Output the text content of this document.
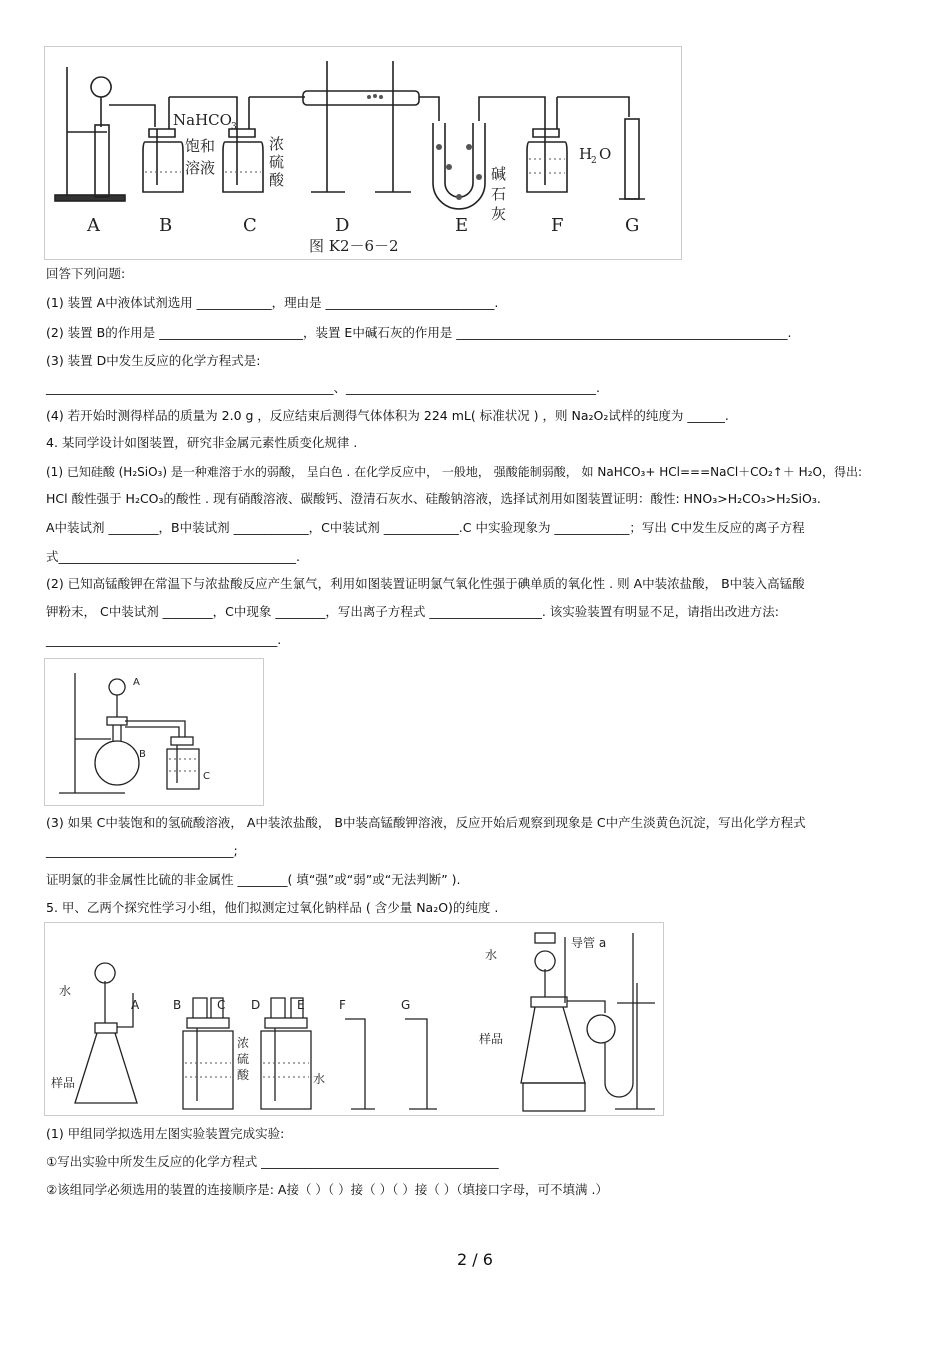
A	B	C	D	E	F	G
NaHCO 3
饱和
溶液
浓
硫
酸	碱
石
灰
H
2 O
图 K2－6－2
回答下列问题:
(1) 装置 A中液体试剂选用 ____________，理由是 ___________________________.
(2) 装置 B的作用是 _______________________，装置 E中碱石灰的作用是 _____________________________________________________.
(3) 装置 D中发生反应的化学方程式是:
______________________________________________、________________________________________.
(4) 若开始时测得样品的质量为 2.0 g ，反应结束后测得气体体积为 224 mL( 标准状况 ) ，则 Na₂O₂试样的纯度为 ______.
4. 某同学设计如图装置，研究非金属元素性质变化规律 .
(1) 已知硅酸 (H₂SiO₃) 是一种难溶于水的弱酸， 呈白色 . 在化学反应中， 一般地， 强酸能制弱酸， 如 NaHCO₃+ HCl===NaCl＋CO₂↑＋ H₂O，得出:
HCl 酸性强于 H₂CO₃的酸性 . 现有硝酸溶液、碳酸钙、澄清石灰水、硅酸钠溶液，选择试剂用如图装置证明：酸性: HNO₃>H₂CO₃>H₂SiO₃.
A中装试剂 ________，B中装试剂 ____________，C中装试剂 ____________.C 中实验现象为 ____________；写出 C中发生反应的离子方程
式______________________________________.
(2) 已知高锰酸钾在常温下与浓盐酸反应产生氯气，利用如图装置证明氯气氧化性强于碘单质的氧化性 . 则 A中装浓盐酸， B中装入高锰酸
钾粉末， C中装试剂 ________，C中现象 ________，写出离子方程式 __________________. 该实验装置有明显不足，请指出改进方法:
_____________________________________.
A
B
C
(3) 如果 C中装饱和的氢硫酸溶液， A中装浓盐酸， B中装高锰酸钾溶液，反应开始后观察到现象是 C中产生淡黄色沉淀，写出化学方程式
______________________________;
证明氯的非金属性比硫的非金属性 ________( 填“强”或“弱”或“无法判断” ).
5. 甲、乙两个探究性学习小组，他们拟测定过氧化钠样品 ( 含少量 Na₂O)的纯度 .
水
A	B	C D	E	F	G
样品
浓
硫
酸	水
水
导管 a
样品
(1) 甲组同学拟选用左图实验装置完成实验:
①写出实验中所发生反应的化学方程式 ______________________________________
②该组同学必须选用的装置的连接顺序是: A接（ ）（ ）接（ ）（ ）接（ ）（填接口字母，可不填满 .）
2 / 6
